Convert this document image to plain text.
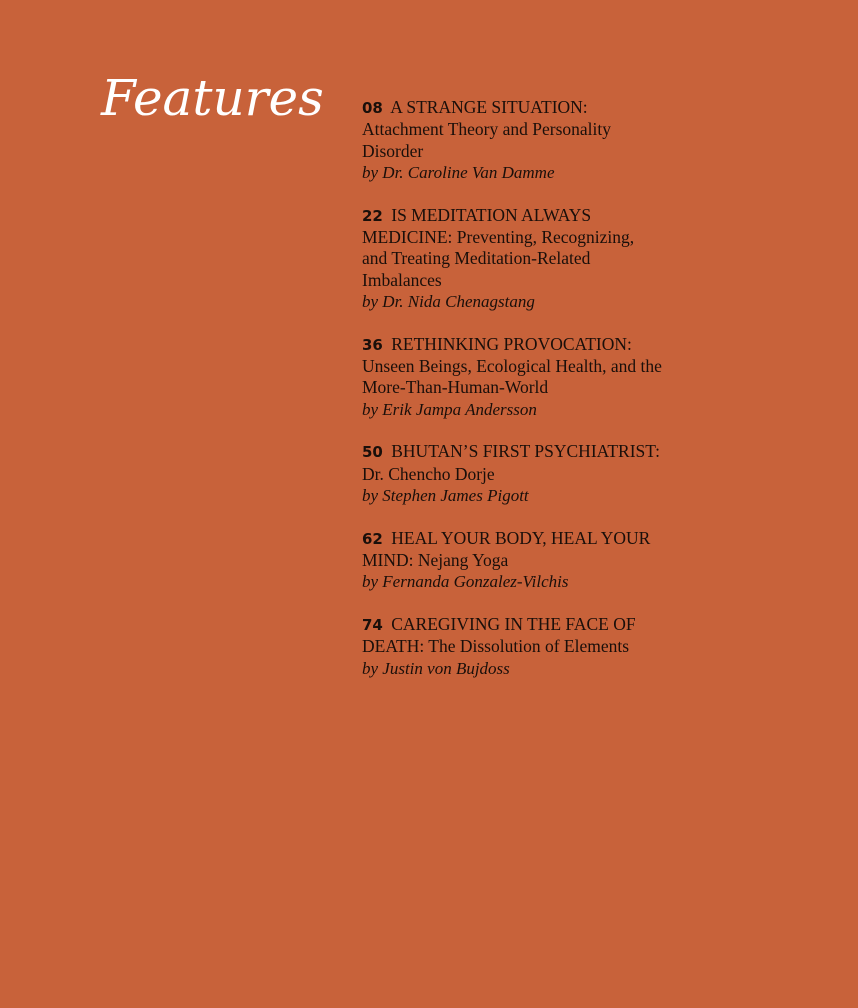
Features	08 A STRANGE SITUATION: Attachment Theory and Personality Disorder
by Dr. Caroline Van Damme
22 IS MEDITATION ALWAYS MEDICINE: Preventing, Recognizing, and Treating Meditation-Related Imbalances
by Dr. Nida Chenagstang
36 RETHINKING PROVOCATION: Unseen Beings, Ecological Health, and the More-Than-Human-World
by Erik Jampa Andersson
50 BHUTAN’S FIRST PSYCHIATRIST: Dr. Chencho Dorje
by Stephen James Pigott
62 HEAL YOUR BODY, HEAL YOUR MIND: Nejang Yoga
by Fernanda Gonzalez-Vilchis
74 CAREGIVING IN THE FACE OF DEATH: The Dissolution of Elements
by Justin von Bujdoss
